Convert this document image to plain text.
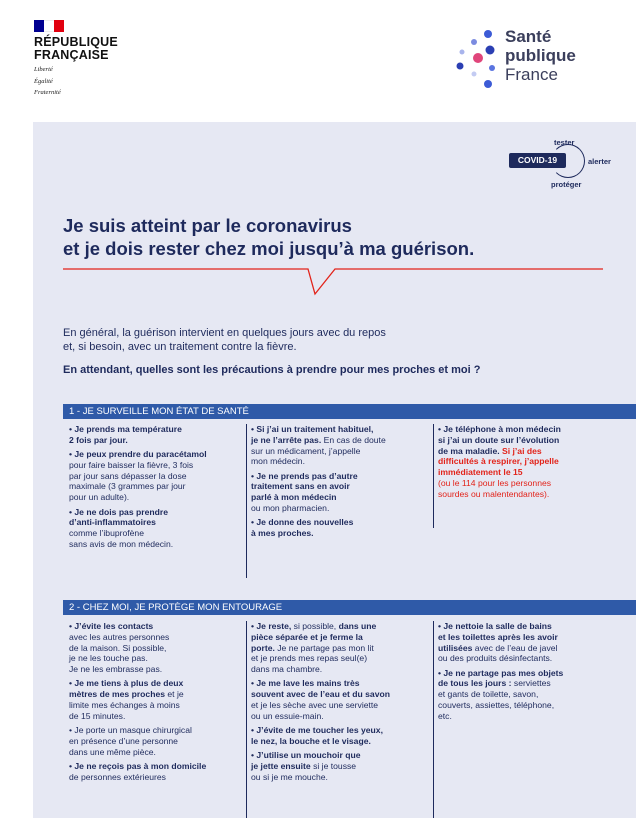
RÉPUBLIQUE
FRANÇAISE
Liberté
Égalité
Fraternité
Santé
publique
France
COVID-19
tester
alerter
protéger
Je suis atteint par le coronavirus
et je dois rester chez moi jusqu’à ma guérison.
En général, la guérison intervient en quelques jours avec du repos
et, si besoin, avec un traitement contre la fièvre.
En attendant, quelles sont les précautions à prendre pour mes proches et moi ?
1 - JE SURVEILLE MON ÉTAT DE SANTÉ

• Je prends ma température
2 fois par jour.

• Je peux prendre du paracétamol
pour faire baisser la fièvre, 3 fois
par jour sans dépasser la dose
maximale (3 grammes par jour
pour un adulte).

• Je ne dois pas prendre
d’anti-inflammatoires
comme l’ibuprofène
sans avis de mon médecin.

• Si j’ai un traitement habituel,
je ne l’arrête pas. En cas de doute
sur un médicament, j’appelle
mon médecin.

• Je ne prends pas d’autre
traitement sans en avoir
parlé à mon médecin
ou mon pharmacien.

• Je donne des nouvelles
à mes proches.

• Je téléphone à mon médecin
si j’ai un doute sur l’évolution
de ma maladie. Si j’ai des
difficultés à respirer, j’appelle
immédiatement le 15
(ou le 114 pour les personnes
sourdes ou malentendantes).

2 - CHEZ MOI, JE PROTÈGE MON ENTOURAGE

• J’évite les contacts
avec les autres personnes
de la maison. Si possible,
je ne les touche pas.
Je ne les embrasse pas.

• Je me tiens à plus de deux
mètres de mes proches et je
limite mes échanges à moins
de 15 minutes.

• Je porte un masque chirurgical
en présence d’une personne
dans une même pièce.

• Je ne reçois pas à mon domicile
de personnes extérieures

• Je reste, si possible, dans une
pièce séparée et je ferme la
porte. Je ne partage pas mon lit
et je prends mes repas seul(e)
dans ma chambre.

• Je me lave les mains très
souvent avec de l’eau et du savon
et je les sèche avec une serviette
ou un essuie-main.

• J’évite de me toucher les yeux,
le nez, la bouche et le visage.

• J’utilise un mouchoir que
je jette ensuite si je tousse
ou si je me mouche.

• Je nettoie la salle de bains
et les toilettes après les avoir
utilisées avec de l’eau de javel
ou des produits désinfectants.

• Je ne partage pas mes objets
de tous les jours : serviettes
et gants de toilette, savon,
couverts, assiettes, téléphone,
etc.
